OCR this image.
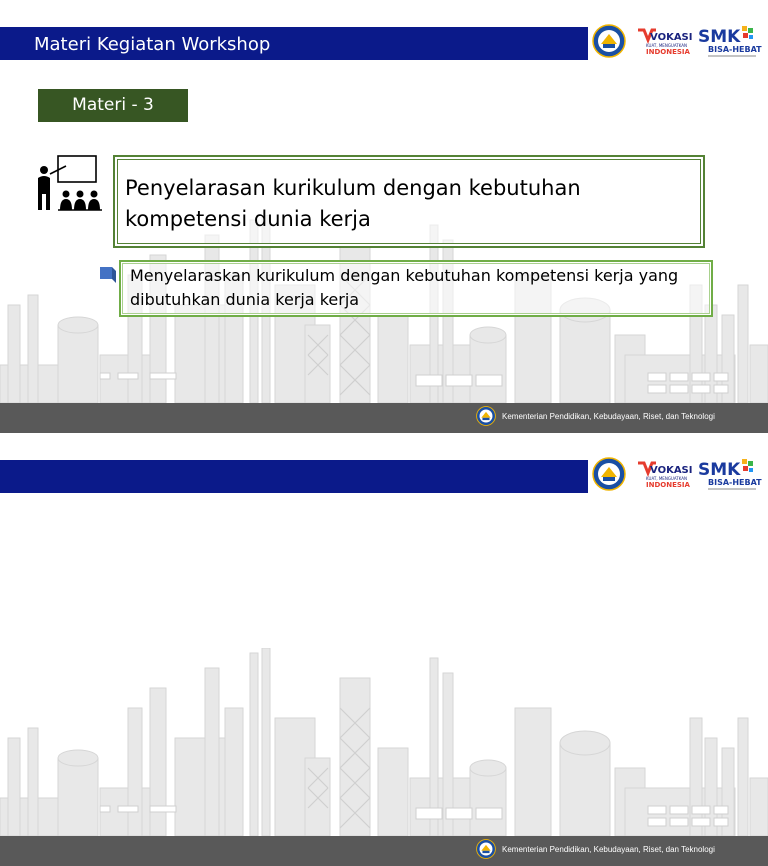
Materi Kegiatan Workshop	VOKASI
KUAT, MENGUATKAN
INDONESIA
SMK
BISA-HEBAT
Materi - 3
Penyelarasan kurikulum dengan kebutuhan kompetensi dunia kerja
Menyelaraskan kurikulum dengan kebutuhan kompetensi kerja yang dibutuhkan dunia kerja kerja
Kementerian Pendidikan, Kebudayaan, Riset, dan Teknologi
VOKASI
KUAT, MENGUATKAN
INDONESIA
SMK
BISA-HEBAT
Kementerian Pendidikan, Kebudayaan, Riset, dan Teknologi
